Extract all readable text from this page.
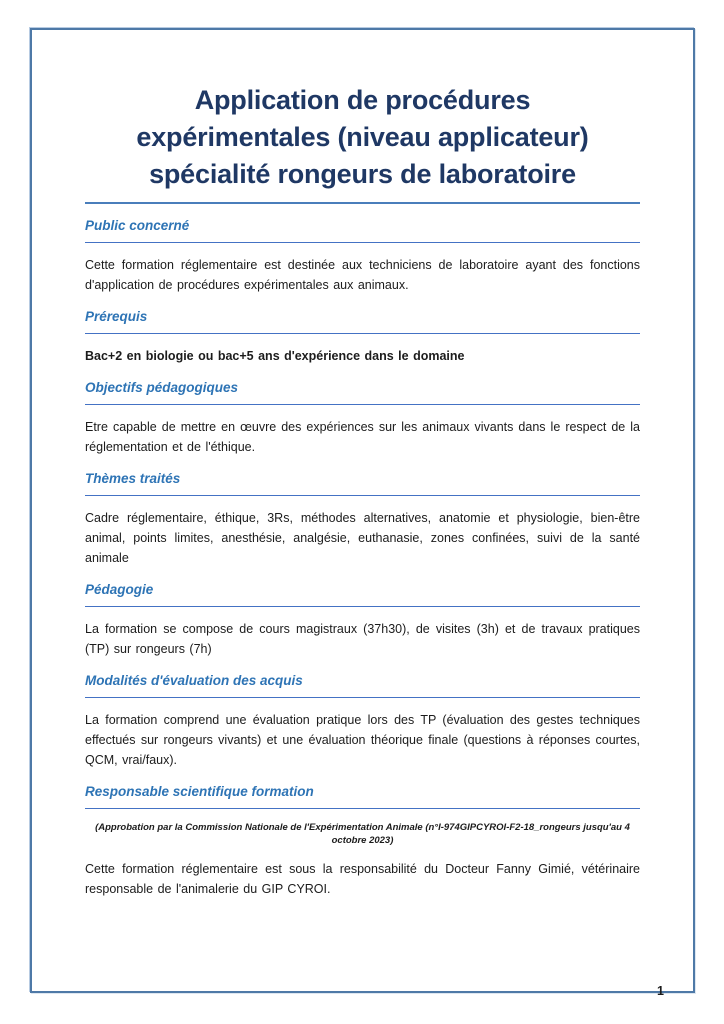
Application de procédures
expérimentales (niveau applicateur)
spécialité rongeurs de laboratoire
Public concerné

Cette formation réglementaire est destinée aux techniciens de laboratoire ayant des fonctions d'application de procédures expérimentales aux animaux.

Prérequis

Bac+2 en biologie ou bac+5 ans d'expérience dans le domaine

Objectifs pédagogiques

Etre capable de mettre en œuvre des expériences sur les animaux vivants dans le respect de la réglementation et de l'éthique.

Thèmes traités

Cadre réglementaire, éthique, 3Rs, méthodes alternatives, anatomie et physiologie, bien-être animal, points limites, anesthésie, analgésie, euthanasie, zones confinées, suivi de la santé animale

Pédagogie

La formation se compose de cours magistraux (37h30), de visites (3h) et de travaux pratiques (TP) sur rongeurs (7h)

Modalités d'évaluation des acquis

La formation comprend une évaluation pratique lors des TP (évaluation des gestes techniques effectués sur rongeurs vivants) et une évaluation théorique finale (questions à réponses courtes, QCM, vrai/faux).

Responsable scientifique formation

(Approbation par la Commission Nationale de l'Expérimentation Animale (n°I-974GIPCYROI-F2-18_rongeurs jusqu'au 4 octobre 2023)

Cette formation réglementaire est sous la responsabilité du Docteur Fanny Gimié, vétérinaire responsable de l'animalerie du GIP CYROI.

1
